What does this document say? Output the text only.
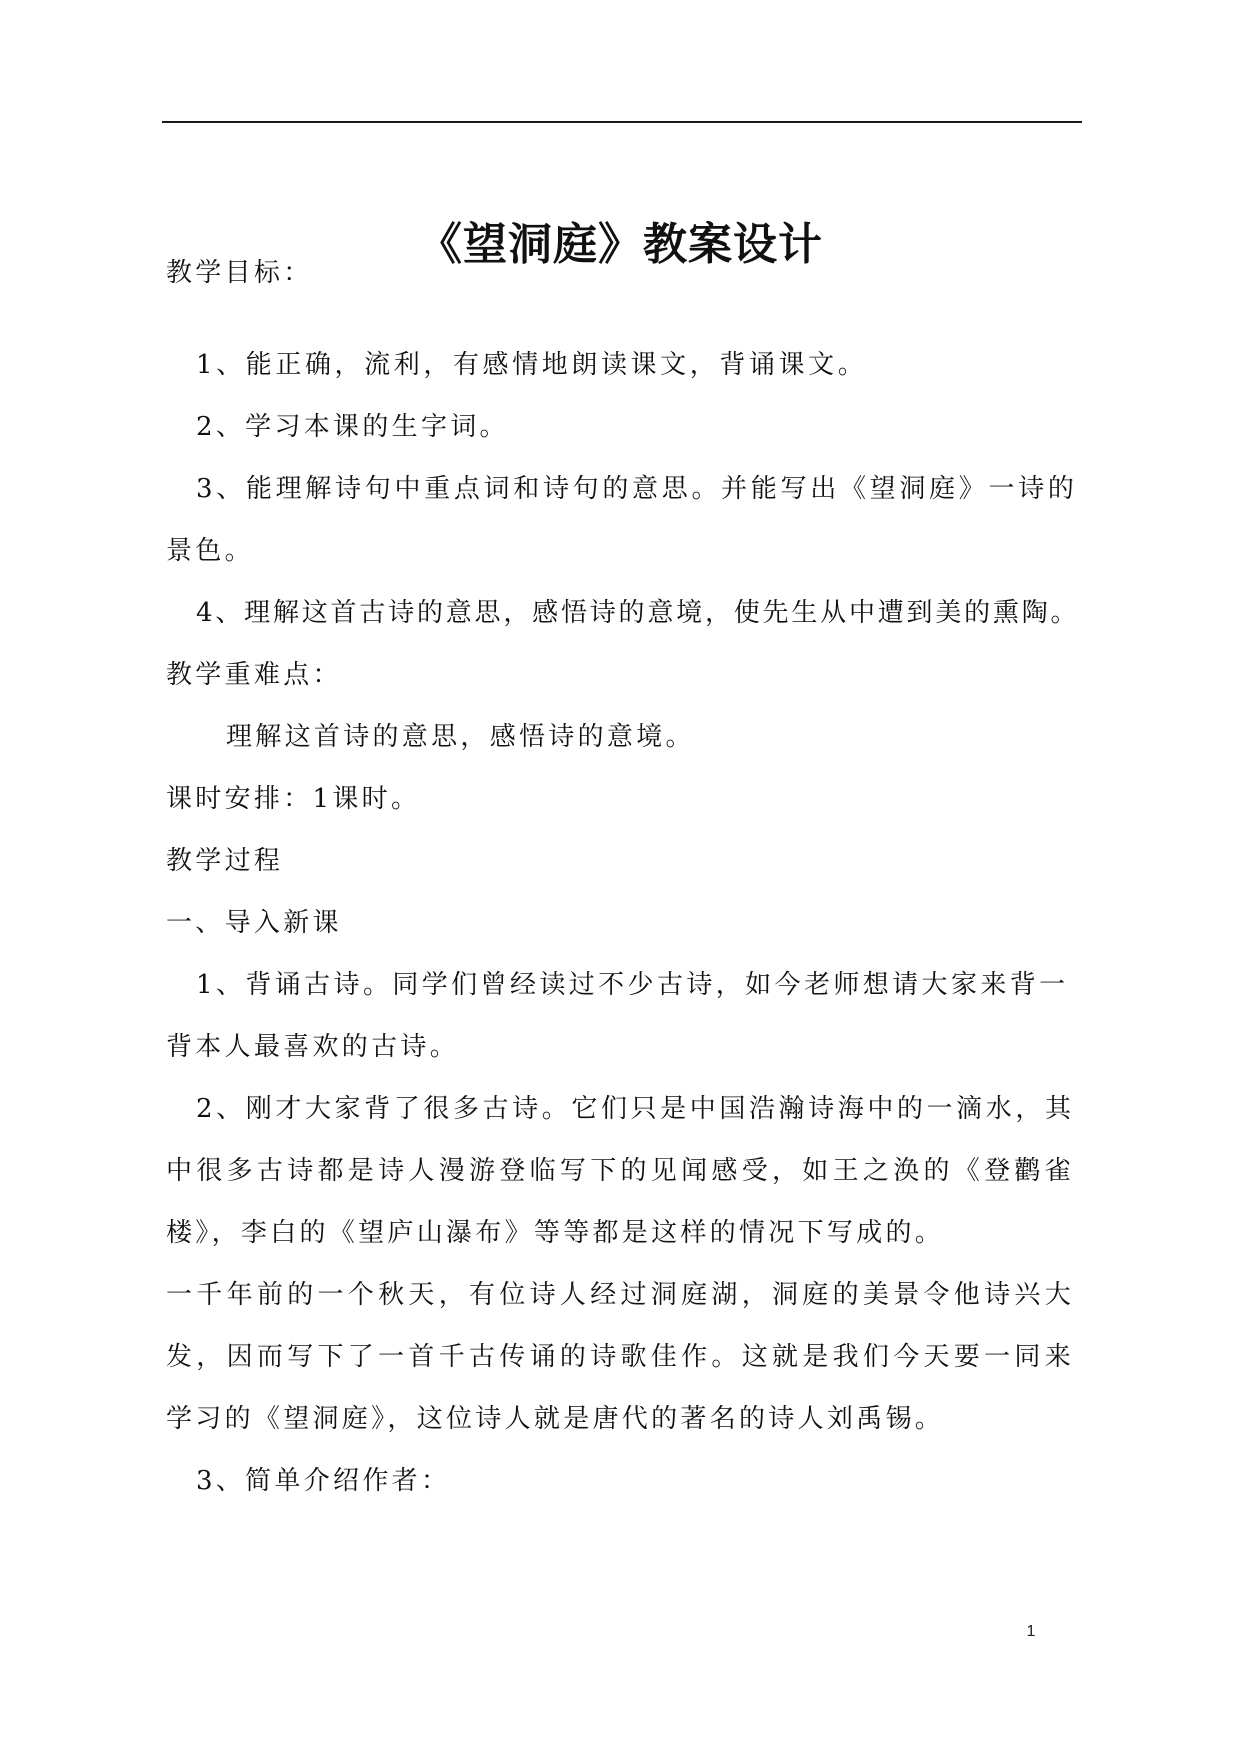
《望洞庭》教案设计
教学目标：
1、能正确，流利，有感情地朗读课文，背诵课文。
2、学习本课的生字词。
3、能理解诗句中重点词和诗句的意思。并能写出《望洞庭》一诗的
景色。
4、理解这首古诗的意思，感悟诗的意境，使先生从中遭到美的熏陶。
教学重难点：
理解这首诗的意思，感悟诗的意境。
课时安排：1课时。
教学过程
一、导入新课
1、背诵古诗。同学们曾经读过不少古诗，如今老师想请大家来背一
背本人最喜欢的古诗。
2、刚才大家背了很多古诗。它们只是中国浩瀚诗海中的一滴水，其
中很多古诗都是诗人漫游登临写下的见闻感受，如王之涣的《登鹳雀
楼》，李白的《望庐山瀑布》等等都是这样的情况下写成的。
一千年前的一个秋天，有位诗人经过洞庭湖，洞庭的美景令他诗兴大
发，因而写下了一首千古传诵的诗歌佳作。这就是我们今天要一同来
学习的《望洞庭》，这位诗人就是唐代的著名的诗人刘禹锡。
3、简单介绍作者：
1
